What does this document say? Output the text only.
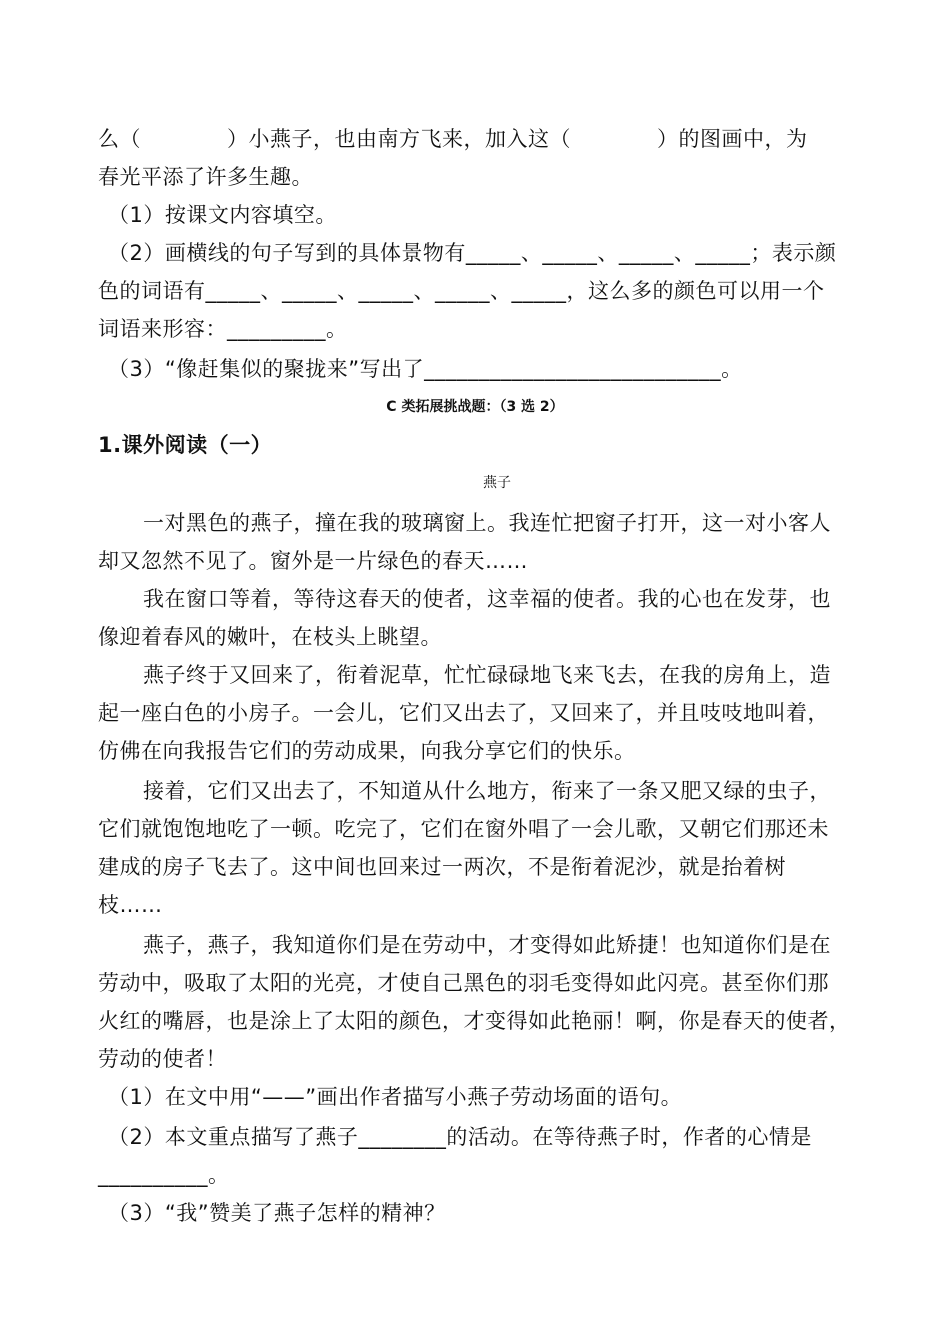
么（　　　　）小燕子，也由南方飞来，加入这（　　　　）的图画中，为
春光平添了许多生趣。
（1）按课文内容填空。
（2）画横线的句子写到的具体景物有_____、_____、_____、_____；表示颜
色的词语有_____、_____、_____、_____、_____，这么多的颜色可以用一个
词语来形容：_________。
（3）“像赶集似的聚拢来”写出了___________________________。
C 类拓展挑战题：（3 选 2）
1.课外阅读（一）
燕子
一对黑色的燕子，撞在我的玻璃窗上。我连忙把窗子打开，这一对小客人
却又忽然不见了。窗外是一片绿色的春天……
我在窗口等着，等待这春天的使者，这幸福的使者。我的心也在发芽，也
像迎着春风的嫩叶，在枝头上眺望。
燕子终于又回来了，衔着泥草，忙忙碌碌地飞来飞去，在我的房角上，造
起一座白色的小房子。一会儿，它们又出去了，又回来了，并且吱吱地叫着，
仿佛在向我报告它们的劳动成果，向我分享它们的快乐。
接着，它们又出去了，不知道从什么地方，衔来了一条又肥又绿的虫子，
它们就饱饱地吃了一顿。吃完了，它们在窗外唱了一会儿歌，又朝它们那还未
建成的房子飞去了。这中间也回来过一两次，不是衔着泥沙，就是抬着树
枝……
燕子，燕子，我知道你们是在劳动中，才变得如此矫捷！也知道你们是在
劳动中，吸取了太阳的光亮，才使自己黑色的羽毛变得如此闪亮。甚至你们那
火红的嘴唇，也是涂上了太阳的颜色，才变得如此艳丽！啊，你是春天的使者，
劳动的使者！
（1）在文中用“——”画出作者描写小燕子劳动场面的语句。
（2）本文重点描写了燕子________的活动。在等待燕子时，作者的心情是
__________。
（3）“我”赞美了燕子怎样的精神？
